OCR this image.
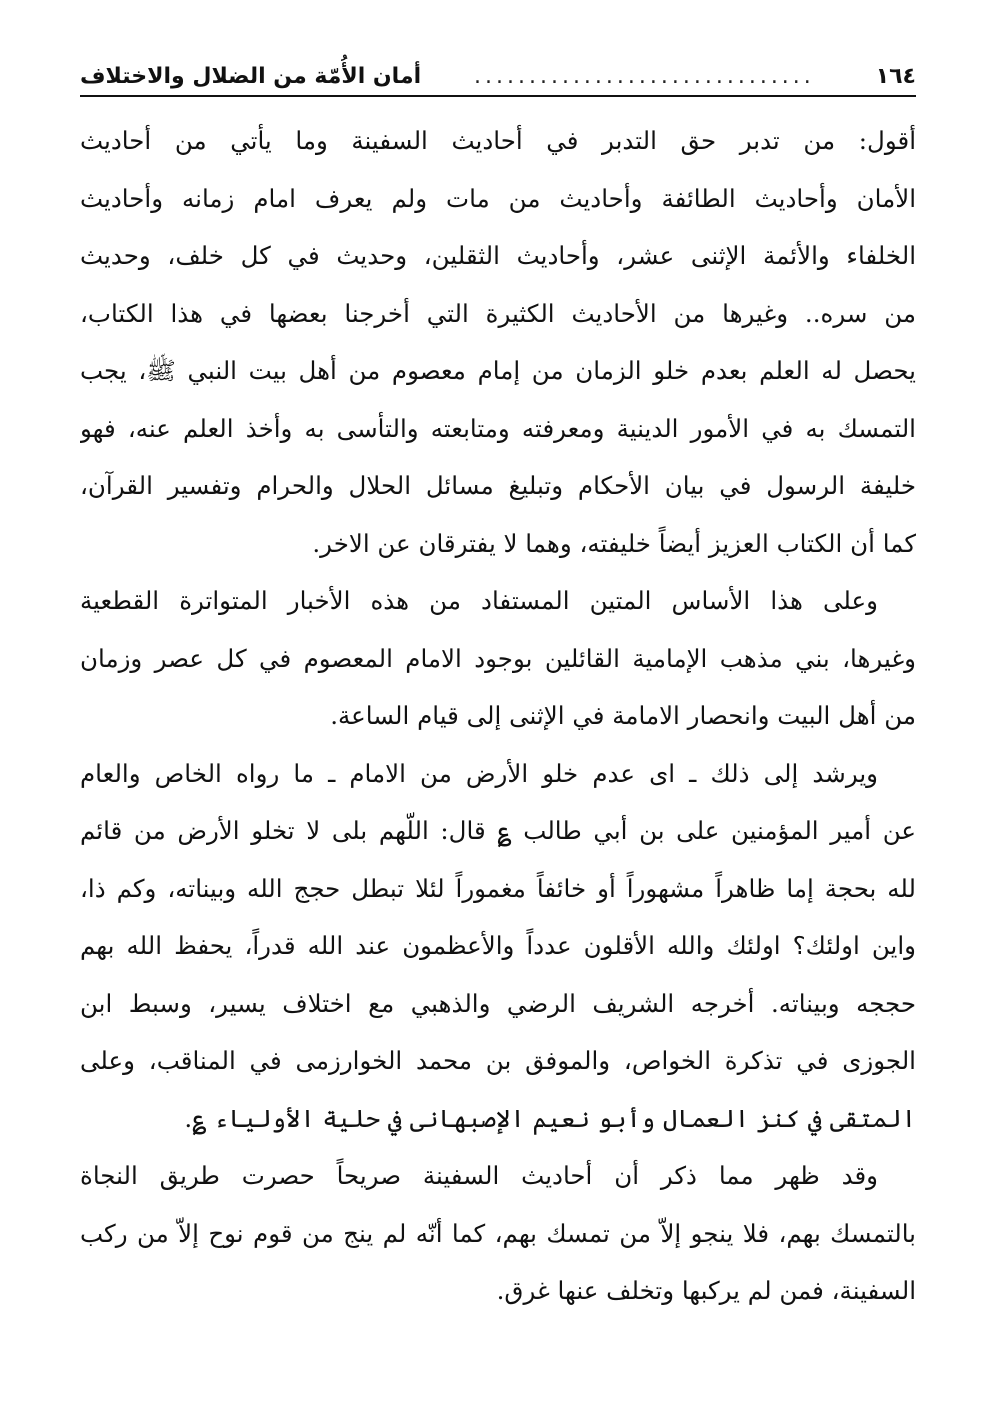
١٦٤
...............................
أمان الأُمّة من الضلال والاختلاف
أقول: من تدبر حق التدبر في أحاديث السفينة وما يأتي من أحاديث
الأمان وأحاديث الطائفة وأحاديث من مات ولم يعرف امام زمانه وأحاديث
الخلفاء والأئمة الإثنى عشر، وأحاديث الثقلين، وحديث في كل خلف، وحديث
من سره.. وغيرها من الأحاديث الكثيرة التي أخرجنا بعضها في هذا الكتاب،
يحصل له العلم بعدم خلو الزمان من إمام معصوم من أهل بيت النبي ﷺ، يجب
التمسك به في الأمور الدينية ومعرفته ومتابعته والتأسى به وأخذ العلم عنه، فهو
خليفة الرسول في بيان الأحكام وتبليغ مسائل الحلال والحرام وتفسير القرآن،
كما أن الكتاب العزيز أيضاً خليفته، وهما لا يفترقان عن الاخر.
وعلى هذا الأساس المتين المستفاد من هذه الأخبار المتواترة القطعية
وغيرها، بني مذهب الإمامية القائلين بوجود الامام المعصوم في كل عصر وزمان
من أهل البيت وانحصار الامامة في الإثنى إلى قيام الساعة.
ويرشد إلى ذلك ـ اى عدم خلو الأرض من الامام ـ ما رواه الخاص والعام
عن أمير المؤمنين على بن أبي طالب ؏ قال: اللّهم بلى لا تخلو الأرض من قائم
لله بحجة إما ظاهراً مشهوراً أو خائفاً مغموراً لئلا تبطل حجج الله وبيناته، وكم ذا،
واين اولئك؟ اولئك والله الأقلون عدداً والأعظمون عند الله قدراً، يحفظ الله بهم
حججه وبيناته. أخرجه الشريف الرضي والذهبي مع اختلاف يسير، وسبط ابن
الجوزى في تذكرة الخواص، والموفق بن محمد الخوارزمى في المناقب، وعلى
المتقى في كنز العمال وأبو نعيم الإصبهانى في حلية الأولياء ؏.
وقد ظهر مما ذكر أن أحاديث السفينة صريحاً حصرت طريق النجاة
بالتمسك بهم، فلا ينجو إلاّ من تمسك بهم، كما أنّه لم ينج من قوم نوح إلاّ من ركب
السفينة، فمن لم يركبها وتخلف عنها غرق.
